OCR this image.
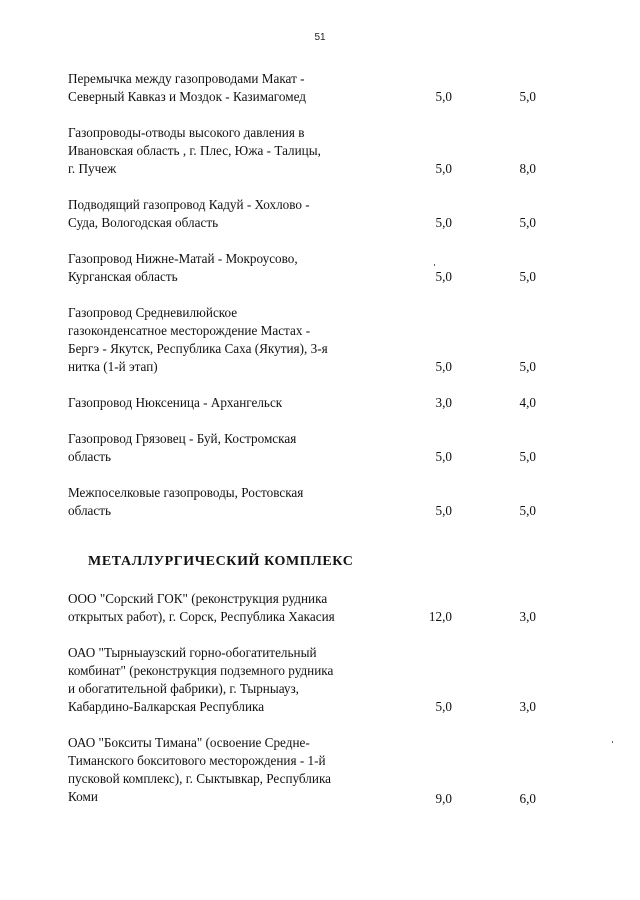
51
Перемычка между газопроводами Макат -
Северный Кавказ и Моздок - Казимагомед	5,0	5,0
Газопроводы-отводы высокого давления в
Ивановская область , г. Плес, Южа - Талицы,
г. Пучеж	5,0	8,0
Подводящий газопровод Кадуй - Хохлово -
Суда, Вологодская область	5,0	5,0
Газопровод Нижне-Матай - Мокроусово,
Курганская область	5,0	5,0
Газопровод Средневилюйское
газоконденсатное месторождение Мастах -
Бергэ - Якутск, Республика Саха (Якутия), 3-я
нитка (1-й этап)	5,0	5,0
Газопровод Нюксеница - Архангельск	3,0	4,0
Газопровод Грязовец - Буй, Костромская
область	5,0	5,0
Межпоселковые газопроводы, Ростовская
область	5,0	5,0
МЕТАЛЛУРГИЧЕСКИЙ КОМПЛЕКС
ООО "Сорский ГОК" (реконструкция рудника
открытых работ), г. Сорск, Республика Хакасия	12,0	3,0
ОАО "Тырныаузский горно-обогатительный
комбинат" (реконструкция подземного рудника
и обогатительной фабрики), г. Тырныауз,
Кабардино-Балкарская Республика	5,0	3,0
ОАО "Бокситы Тимана" (освоение Средне-
Тиманского бокситового месторождения - 1-й
пусковой комплекс), г. Сыктывкар, Республика
Коми	9,0	6,0
